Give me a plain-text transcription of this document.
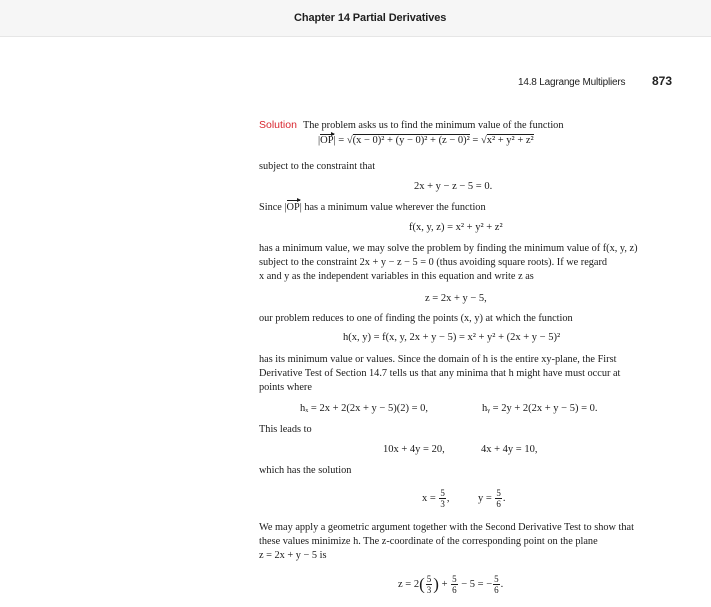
Chapter 14 Partial Derivatives
14.8 Lagrange Multipliers 873

Solution The problem asks us to find the minimum value of the function

|OP| = √(x − 0)² + (y − 0)² + (z − 0)² = √x² + y² + z²

subject to the constraint that

2x + y − z − 5 = 0.

Since |OP| has a minimum value wherever the function

f(x, y, z) = x² + y² + z²

has a minimum value, we may solve the problem by finding the minimum value of f(x, y, z)
subject to the constraint 2x + y − z − 5 = 0 (thus avoiding square roots). If we regard
x and y as the independent variables in this equation and write z as

z = 2x + y − 5,

our problem reduces to one of finding the points (x, y) at which the function

h(x, y) = f(x, y, 2x + y − 5) = x² + y² + (2x + y − 5)²

has its minimum value or values. Since the domain of h is the entire xy-plane, the First
Derivative Test of Section 14.7 tells us that any minima that h might have must occur at
points where

hₓ = 2x + 2(2x + y − 5)(2) = 0,	hᵧ = 2y + 2(2x + y − 5) = 0.

This leads to

10x + 4y = 20,	4x + 4y = 10,

which has the solution

$x = \frac{5}{3}$ ,	$y = \frac{5}{6}$ .

We may apply a geometric argument together with the Second Derivative Test to show that
these values minimize h. The z-coordinate of the corresponding point on the plane
z = 2x + y − 5 is

$z = 2( \frac{5}{3}$ ) + $\frac{5}{6} - 5$ = − $\frac{5}{6}$ .
